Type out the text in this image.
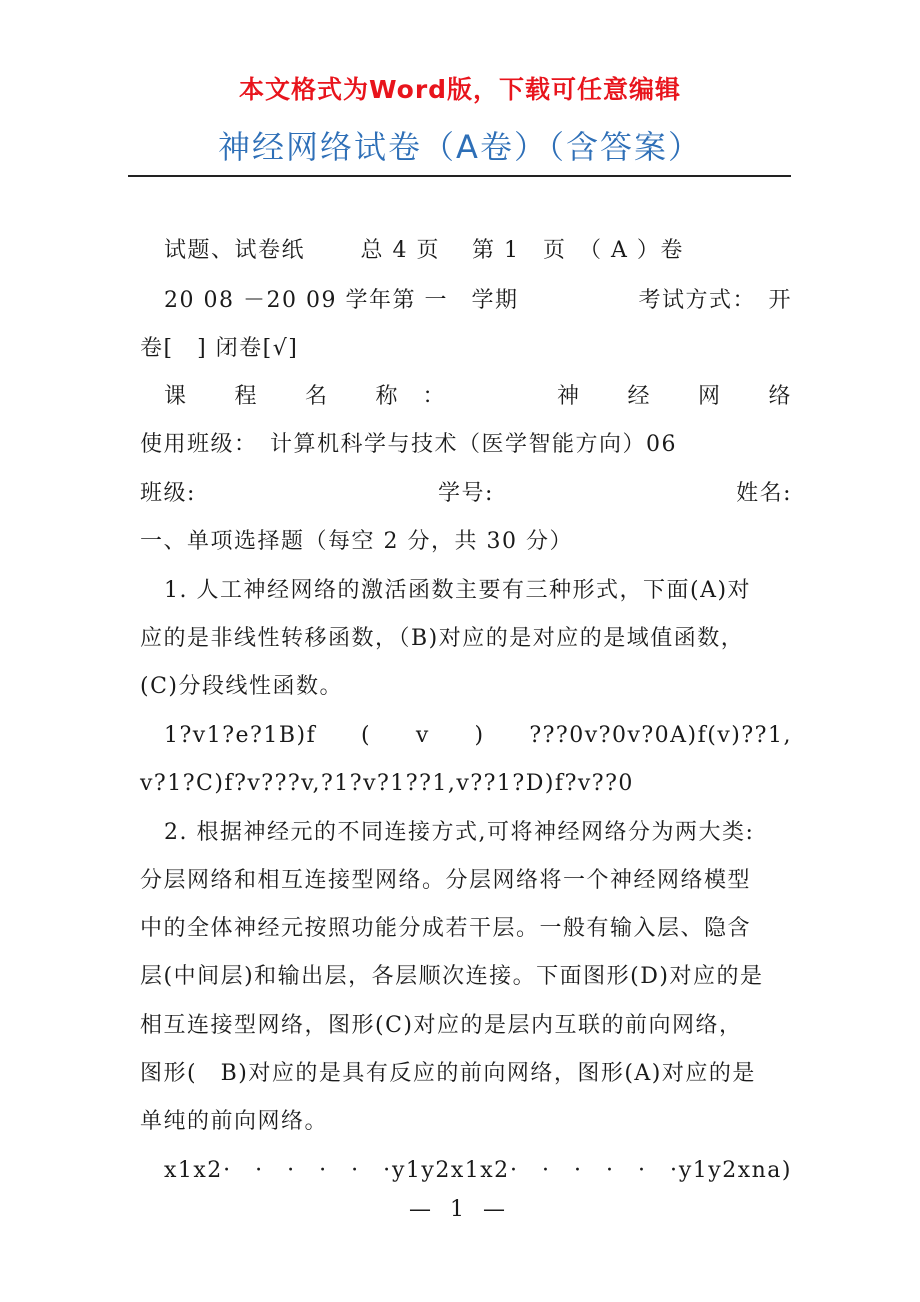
本文格式为Word版，下载可任意编辑
神经网络试卷（A卷）（含答案）
试题、试卷纸　　 总 4 页　 第 1　页　（ A ）卷
20 08 －20 09 学年第 一　学期	考试方式：　开
卷[　] 闭卷[√]
课　　程　　名　　称　：	神　　经　　网　　络
使用班级：　计算机科学与技术（医学智能方向）06
班级:	学号:	姓名:
一、单项选择题（每空 2 分，共 30 分）
1. 人工神经网络的激活函数主要有三种形式，下面(A)对
应的是非线性转移函数，（B)对应的是对应的是域值函数，
(C)分段线性函数。
1?v1?e?1B)f ( v ) ???0v?0v?0A)f(v)??1,
v?1?C)f?v???v, ?1?v?1??1, v??1?D)f?v??0
2. 根据神经元的不同连接方式,可将神经网络分为两大类:
分层网络和相互连接型网络。分层网络将一个神经网络模型
中的全体神经元按照功能分成若干层。一般有输入层、隐含
层(中间层)和输出层，各层顺次连接。下面图形(D)对应的是
相互连接型网络，图形(C)对应的是层内互联的前向网络，
图形(　B)对应的是具有反应的前向网络，图形(A)对应的是
单纯的前向网络。
x1x2 ·　·　·　·　·　· y1y2x1x2 ·　·　·　·　·　· y1y2xna)
— 1 —
